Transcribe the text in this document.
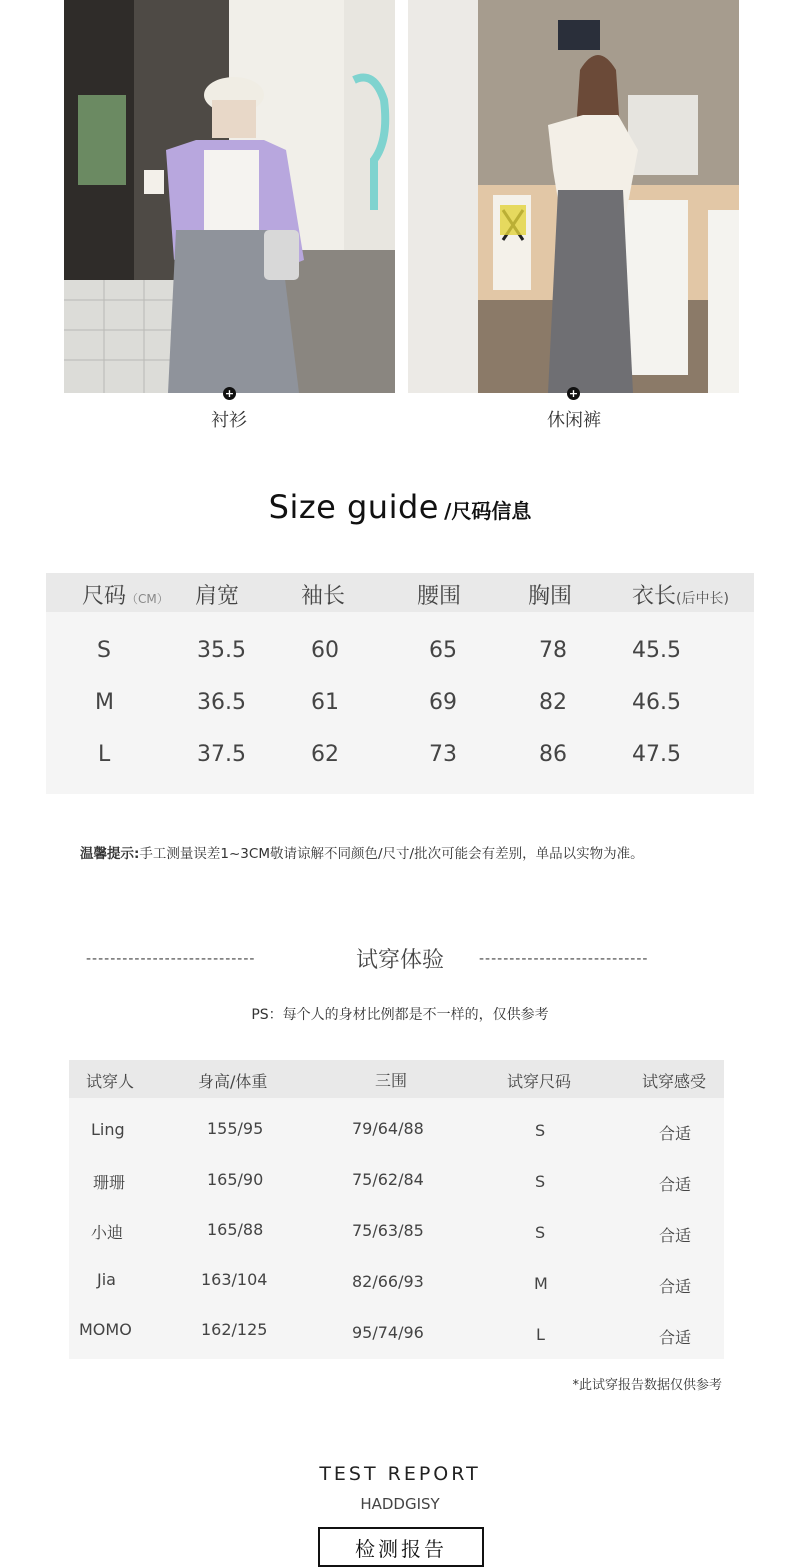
+
衬衫
+
休闲裤
Size guide /尺码信息
尺码（CM） 肩宽	袖长	腰围	胸围	衣长(后中长)
S	35.5	60	65	78	45.5
M	36.5	61	69	82	46.5
L	37.5	62	73	86	47.5
温馨提示:手工测量误差1~3CM敬请谅解不同颜色/尺寸/批次可能会有差别，单品以实物为准。
----------------------------	试穿体验	----------------------------
PS：每个人的身材比例都是不一样的，仅供参考
试穿人	身高/体重	三围	试穿尺码	试穿感受
Ling	155/95	79/64/88	S	合适
珊珊	165/90	75/62/84	S	合适
小迪	165/88	75/63/85	S	合适
Jia	163/104	82/66/93	M	合适
MOMO	162/125	95/74/96	L	合适
*此试穿报告数据仅供参考
TEST REPORT
HADDGISY
检测报告
